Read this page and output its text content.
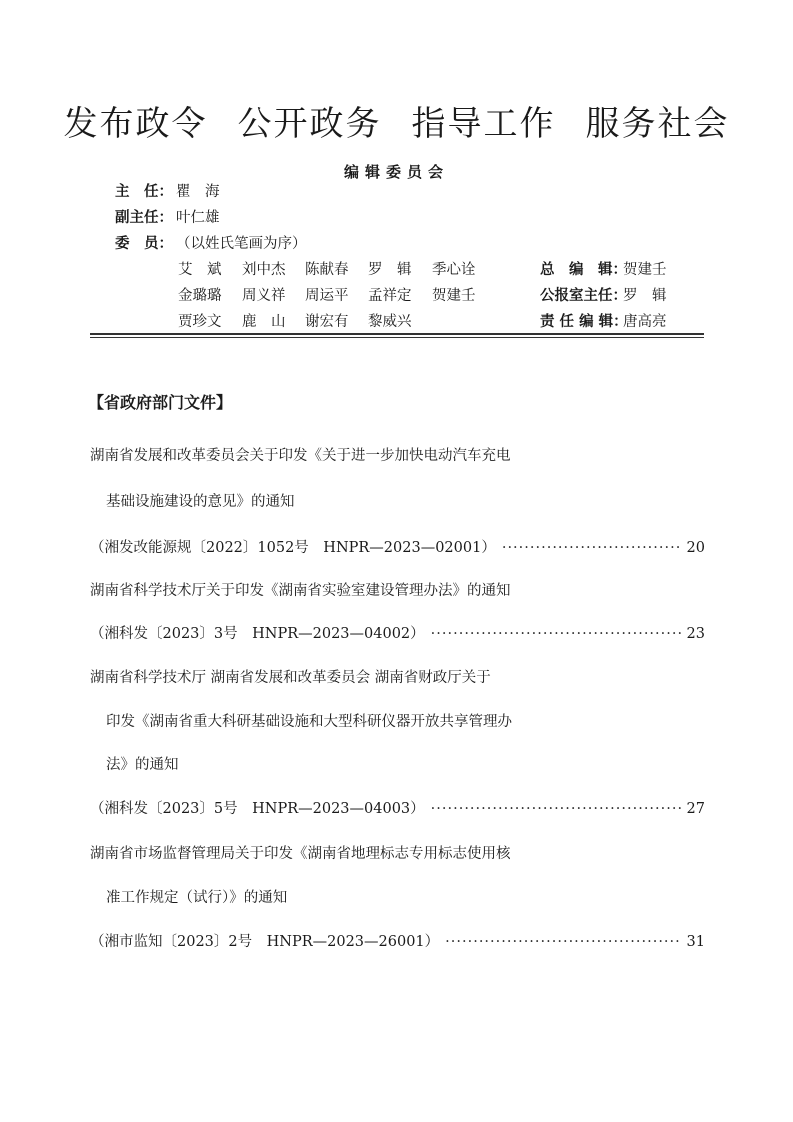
发布政令 公开政务 指导工作 服务社会
编辑委员会
主　任： 瞿　海
副主任： 叶仁雄
委　员： （以姓氏笔画为序）
艾　斌 刘中杰 陈献春 罗　辑 季心诠
金璐璐 周义祥 周运平 孟祥定 贺建壬
贾珍文 鹿　山 谢宏有 黎威兴
总　编　辑：
贺建壬
公报室主任：
罗　辑
责 任 编 辑：
唐高亮
【省政府部门文件】
湖南省发展和改革委员会关于印发《关于进一步加快电动汽车充电
基础设施建设的意见》的通知
（湘发改能源规〔2022〕1052号　HNPR—2023—02001） ·····	20
湖南省科学技术厅关于印发《湖南省实验室建设管理办法》的通知
（湘科发〔2023〕3号　HNPR—2023—04002） ·····	23
湖南省科学技术厅 湖南省发展和改革委员会 湖南省财政厅关于
印发《湖南省重大科研基础设施和大型科研仪器开放共享管理办
法》的通知
（湘科发〔2023〕5号　HNPR—2023—04003） ·····	27
湖南省市场监督管理局关于印发《湖南省地理标志专用标志使用核
准工作规定（试行）》的通知
（湘市监知〔2023〕2号　HNPR—2023—26001） ·····	31
